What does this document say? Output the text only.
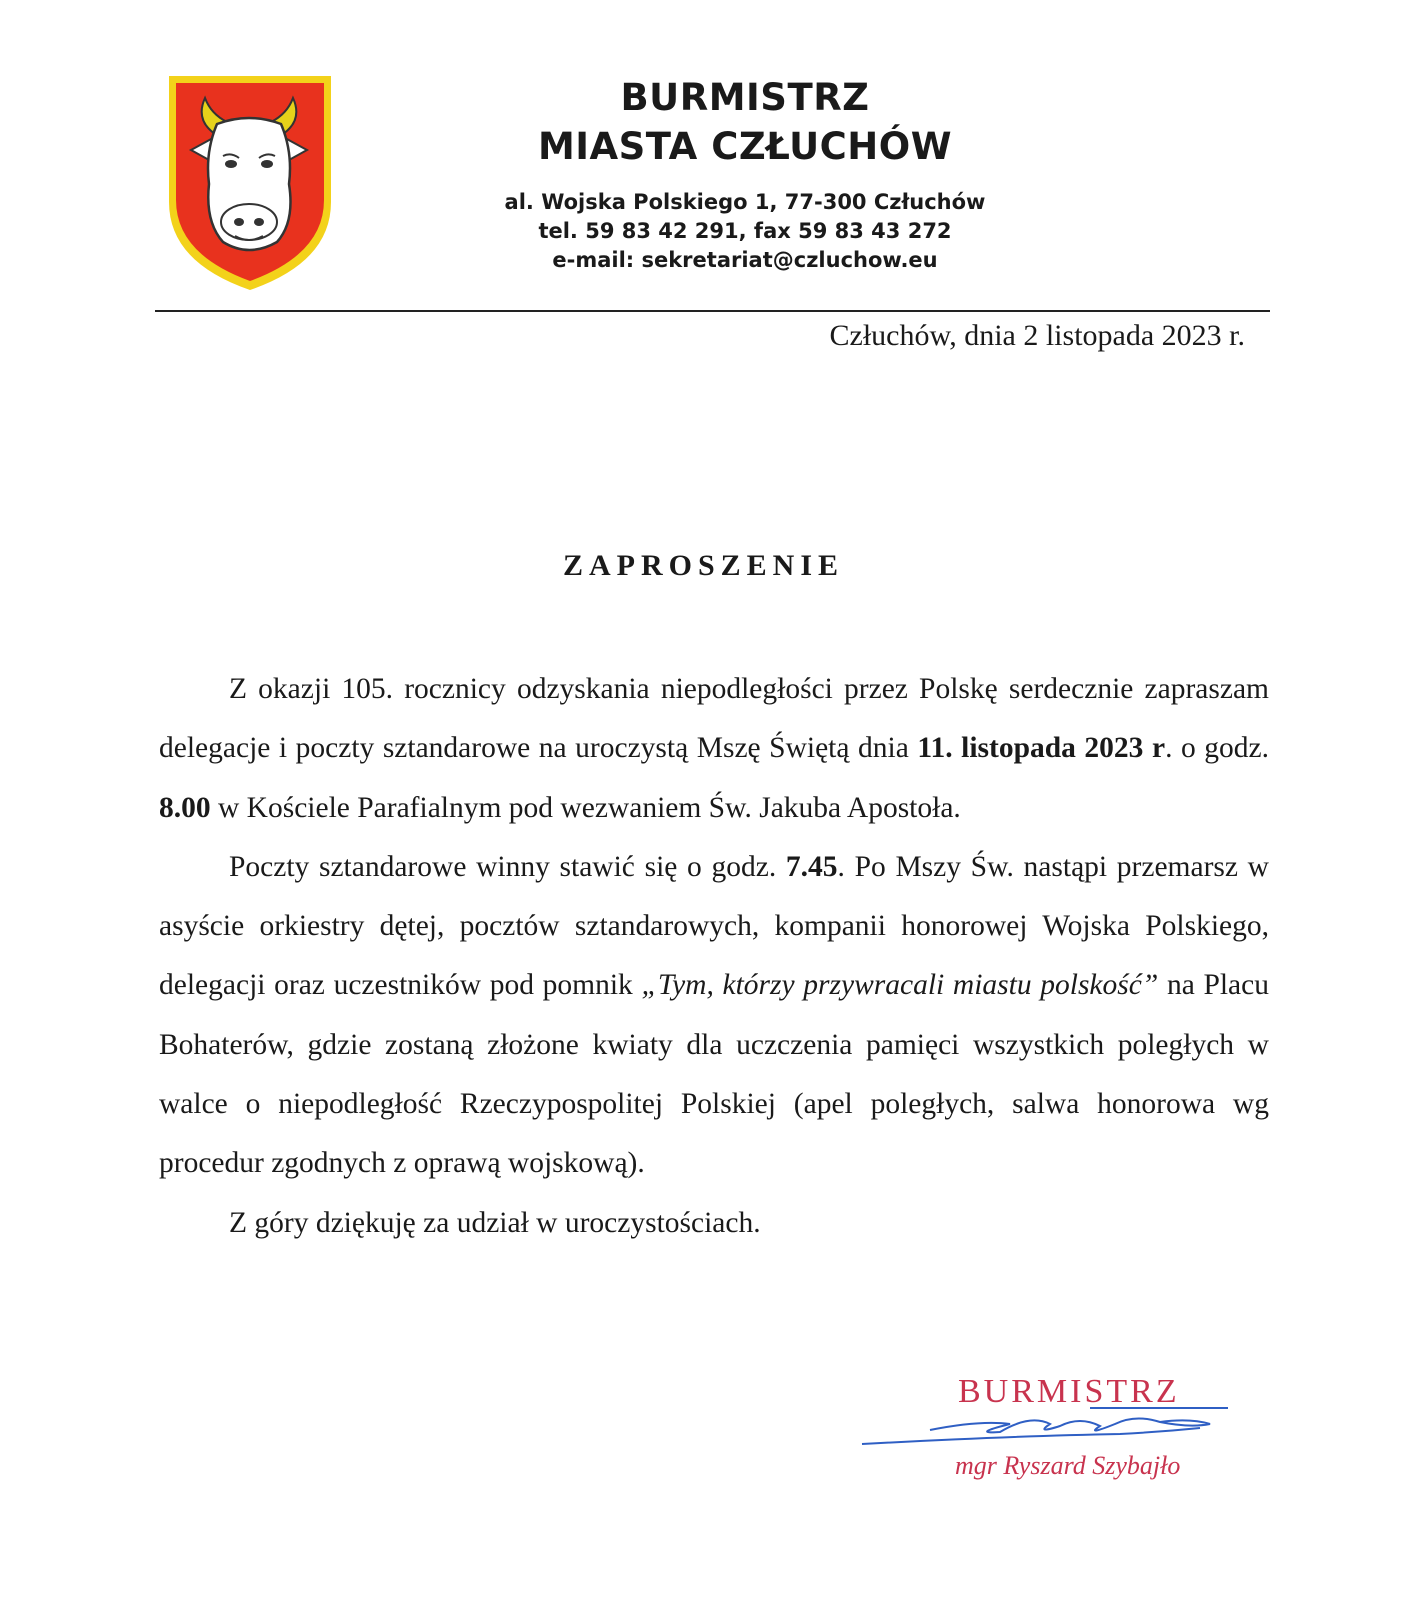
BURMISTRZ
MIASTA CZŁUCHÓW
al. Wojska Polskiego 1, 77-300 Człuchów
tel. 59 83 42 291, fax 59 83 43 272
e-mail: sekretariat@czluchow.eu
Człuchów, dnia 2 listopada 2023 r.
ZAPROSZENIE

Z okazji 105. rocznicy odzyskania niepodległości przez Polskę serdecznie zapraszam delegacje i poczty sztandarowe na uroczystą Mszę Świętą dnia 11. listopada 2023 r. o godz. 8.00 w Kościele Parafialnym pod wezwaniem Św. Jakuba Apostoła.

Poczty sztandarowe winny stawić się o godz. 7.45. Po Mszy Św. nastąpi przemarsz w asyście orkiestry dętej, pocztów sztandarowych, kompanii honorowej Wojska Polskiego, delegacji oraz uczestników pod pomnik „Tym, którzy przywracali miastu polskość” na Placu Bohaterów, gdzie zostaną złożone kwiaty dla uczczenia pamięci wszystkich poległych w walce o niepodległość Rzeczypospolitej Polskiej (apel poległych, salwa honorowa wg procedur zgodnych z oprawą wojskową).

Z góry dziękuję za udział w uroczystościach.

BURMISTRZ
mgr Ryszard Szybajło
